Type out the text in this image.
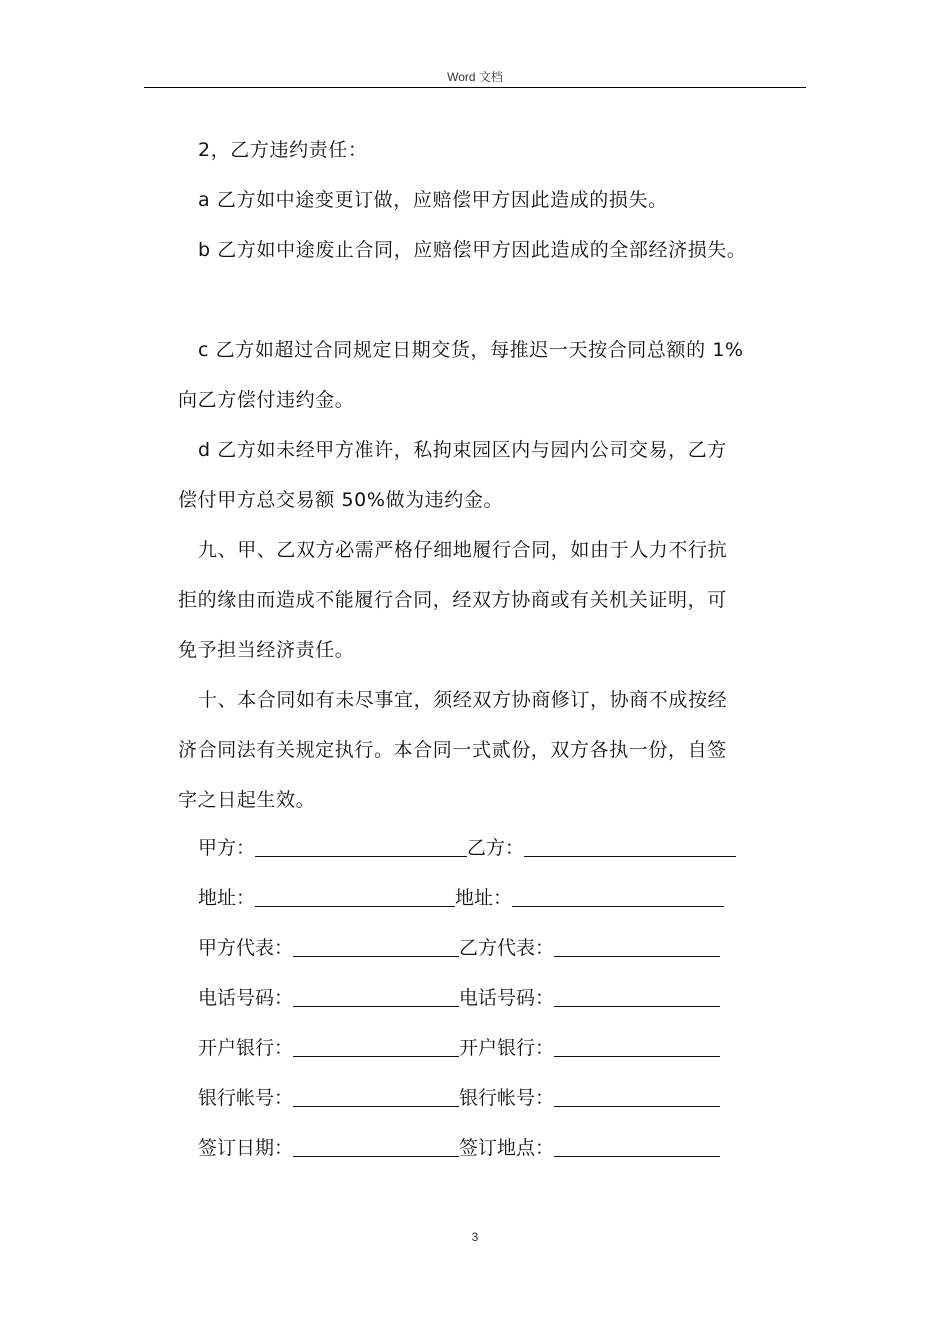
Word 文档
2，乙方违约责任：
a 乙方如中途变更订做，应赔偿甲方因此造成的损失。
b 乙方如中途废止合同，应赔偿甲方因此造成的全部经济损失。
c 乙方如超过合同规定日期交货，每推迟一天按合同总额的 1%
向乙方偿付违约金。
d 乙方如未经甲方准许，私拘束园区内与园内公司交易，乙方
偿付甲方总交易额 50%做为违约金。
九、甲、乙双方必需严格仔细地履行合同，如由于人力不行抗
拒的缘由而造成不能履行合同，经双方协商或有关机关证明，可
免予担当经济责任。
十、本合同如有未尽事宜，须经双方协商修订，协商不成按经
济合同法有关规定执行。本合同一式贰份，双方各执一份，自签
字之日起生效。
甲方：	乙方：
地址：	地址：
甲方代表：	乙方代表：
电话号码：	电话号码：
开户银行：	开户银行：
银行帐号：	银行帐号：
签订日期：	签订地点：
3
